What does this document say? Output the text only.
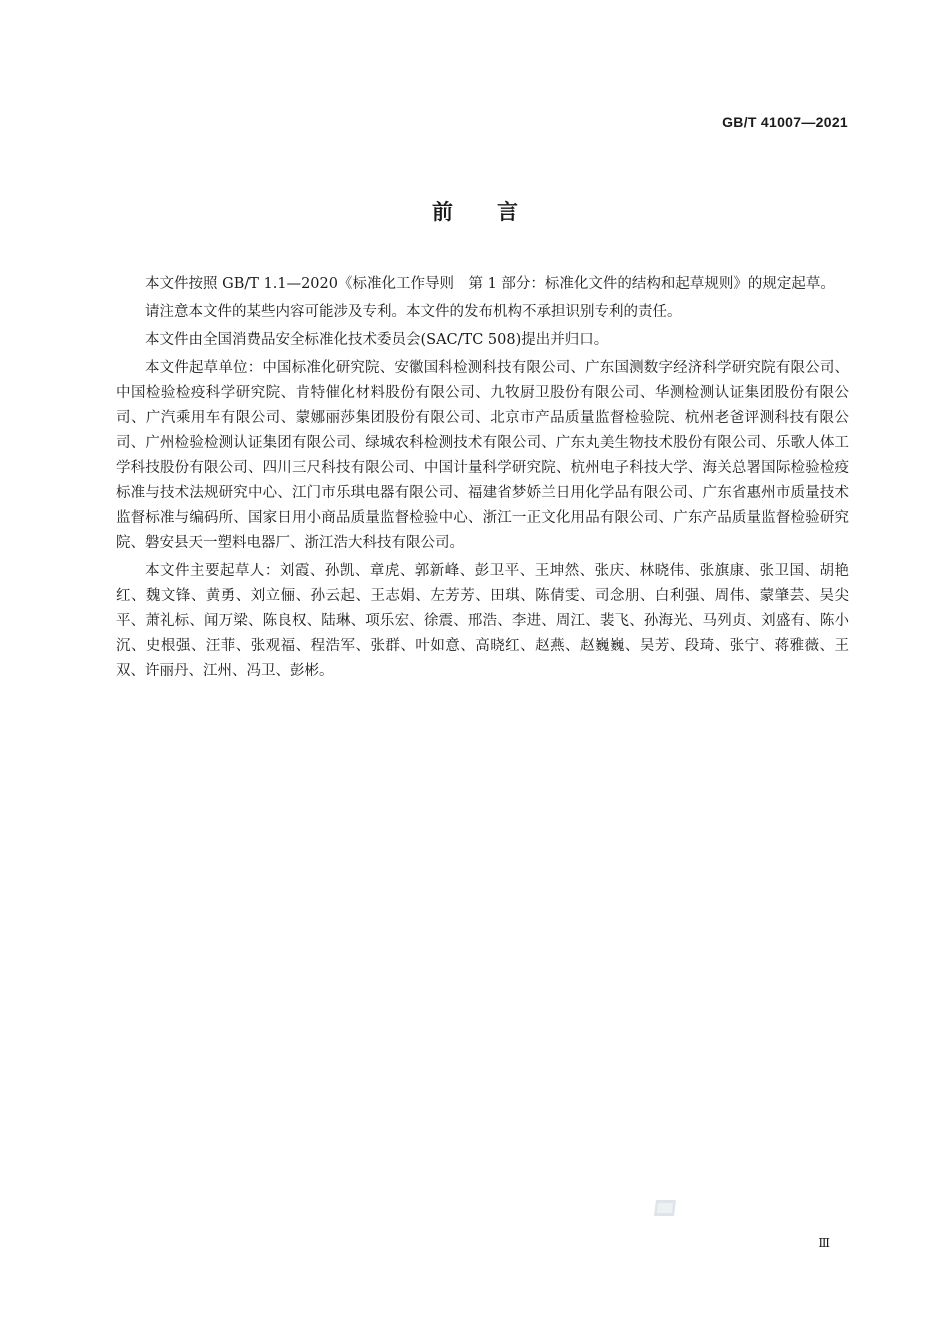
GB/T 41007—2021
前言

本文件按照 GB/T 1.1—2020《标准化工作导则　第 1 部分：标准化文件的结构和起草规则》的规定起草。

请注意本文件的某些内容可能涉及专利。本文件的发布机构不承担识别专利的责任。

本文件由全国消费品安全标准化技术委员会(SAC/TC 508)提出并归口。

本文件起草单位：中国标准化研究院、安徽国科检测科技有限公司、广东国测数字经济科学研究院有限公司、中国检验检疫科学研究院、肯特催化材料股份有限公司、九牧厨卫股份有限公司、华测检测认证集团股份有限公司、广汽乘用车有限公司、蒙娜丽莎集团股份有限公司、北京市产品质量监督检验院、杭州老爸评测科技有限公司、广州检验检测认证集团有限公司、绿城农科检测技术有限公司、广东丸美生物技术股份有限公司、乐歌人体工学科技股份有限公司、四川三尺科技有限公司、中国计量科学研究院、杭州电子科技大学、海关总署国际检验检疫标准与技术法规研究中心、江门市乐琪电器有限公司、福建省梦娇兰日用化学品有限公司、广东省惠州市质量技术监督标准与编码所、国家日用小商品质量监督检验中心、浙江一正文化用品有限公司、广东产品质量监督检验研究院、磐安县天一塑料电器厂、浙江浩大科技有限公司。

本文件主要起草人：刘霞、孙凯、章虎、郭新峰、彭卫平、王坤然、张庆、林晓伟、张旗康、张卫国、胡艳红、魏文锋、黄勇、刘立俪、孙云起、王志娟、左芳芳、田琪、陈倩雯、司念朋、白利强、周伟、蒙肇芸、吴尖平、萧礼标、闻万梁、陈良权、陆琳、项乐宏、徐震、邢浩、李进、周江、裴飞、孙海光、马列贞、刘盛有、陈小沉、史根强、汪菲、张观福、程浩军、张群、叶如意、高晓红、赵燕、赵巍巍、吴芳、段琦、张宁、蒋雅薇、王双、许丽丹、江州、冯卫、彭彬。

Ⅲ
